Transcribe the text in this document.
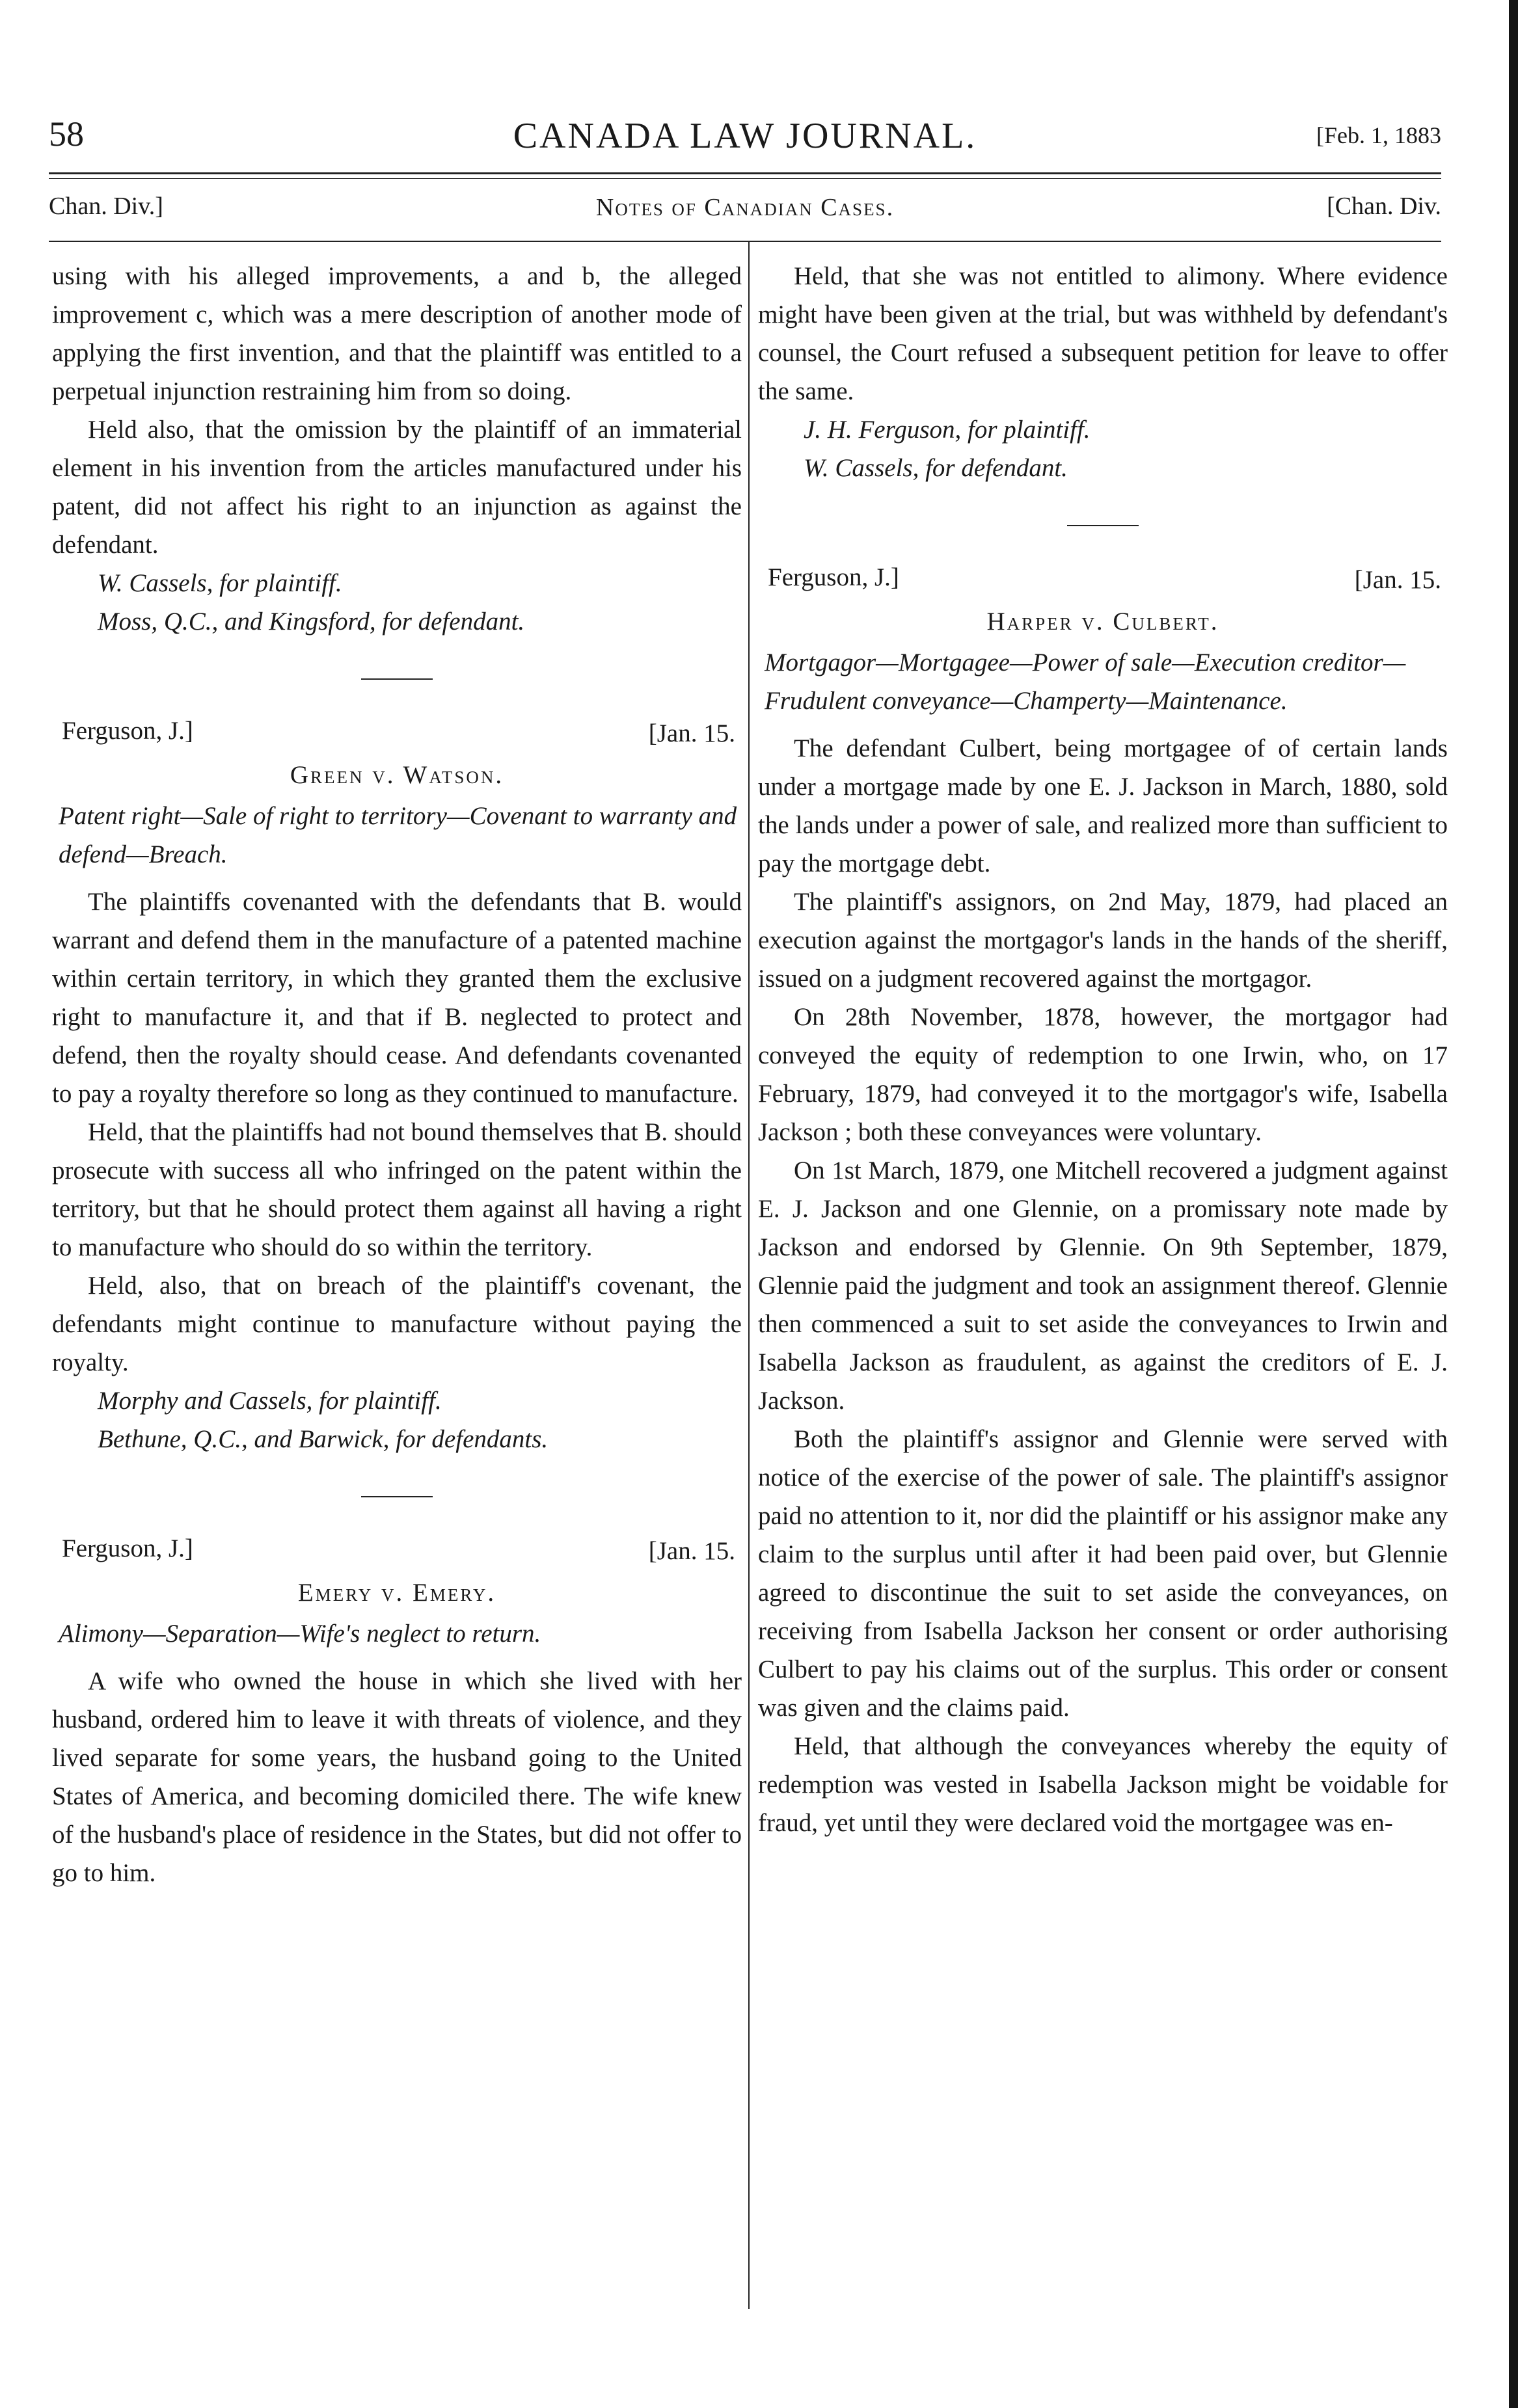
58	CANADA LAW JOURNAL.	[Feb. 1, 1883
Chan. Div.]	Notes of Canadian Cases.	[Chan. Div.

using with his alleged improvements, a and b, the alleged improvement c, which was a mere description of another mode of applying the first invention, and that the plaintiff was entitled to a perpetual injunction restraining him from so doing.

Held also, that the omission by the plaintiff of an immaterial element in his invention from the articles manufactured under his patent, did not affect his right to an injunction as against the defendant.

W. Cassels, for plaintiff.

Moss, Q.C., and Kingsford, for defendant.

Ferguson, J.]	[Jan. 15.
Green v. Watson.

Patent right—Sale of right to territory—Covenant to warranty and defend—Breach.

The plaintiffs covenanted with the defendants that B. would warrant and defend them in the manufacture of a patented machine within certain territory, in which they granted them the exclusive right to manufacture it, and that if B. neglected to protect and defend, then the royalty should cease. And defendants covenanted to pay a royalty therefore so long as they continued to manufacture.

Held, that the plaintiffs had not bound themselves that B. should prosecute with success all who infringed on the patent within the territory, but that he should protect them against all having a right to manufacture who should do so within the territory.

Held, also, that on breach of the plaintiff's covenant, the defendants might continue to manufacture without paying the royalty.

Morphy and Cassels, for plaintiff.

Bethune, Q.C., and Barwick, for defendants.

Ferguson, J.]	[Jan. 15.
Emery v. Emery.

Alimony—Separation—Wife's neglect to return.

A wife who owned the house in which she lived with her husband, ordered him to leave it with threats of violence, and they lived separate for some years, the husband going to the United States of America, and becoming domiciled there. The wife knew of the husband's place of residence in the States, but did not offer to go to him.

Held, that she was not entitled to alimony. Where evidence might have been given at the trial, but was withheld by defendant's counsel, the Court refused a subsequent petition for leave to offer the same.

J. H. Ferguson, for plaintiff.

W. Cassels, for defendant.

Ferguson, J.]	[Jan. 15.
Harper v. Culbert.

Mortgagor—Mortgagee—Power of sale—Execution creditor—Frudulent conveyance—Champerty—Maintenance.

The defendant Culbert, being mortgagee of of certain lands under a mortgage made by one E. J. Jackson in March, 1880, sold the lands under a power of sale, and realized more than sufficient to pay the mortgage debt.

The plaintiff's assignors, on 2nd May, 1879, had placed an execution against the mortgagor's lands in the hands of the sheriff, issued on a judgment recovered against the mortgagor.

On 28th November, 1878, however, the mortgagor had conveyed the equity of redemption to one Irwin, who, on 17 February, 1879, had conveyed it to the mortgagor's wife, Isabella Jackson ; both these conveyances were voluntary.

On 1st March, 1879, one Mitchell recovered a judgment against E. J. Jackson and one Glennie, on a promissary note made by Jackson and endorsed by Glennie. On 9th September, 1879, Glennie paid the judgment and took an assignment thereof. Glennie then commenced a suit to set aside the conveyances to Irwin and Isabella Jackson as fraudulent, as against the creditors of E. J. Jackson.

Both the plaintiff's assignor and Glennie were served with notice of the exercise of the power of sale. The plaintiff's assignor paid no attention to it, nor did the plaintiff or his assignor make any claim to the surplus until after it had been paid over, but Glennie agreed to discontinue the suit to set aside the conveyances, on receiving from Isabella Jackson her consent or order authorising Culbert to pay his claims out of the surplus. This order or consent was given and the claims paid.

Held, that although the conveyances whereby the equity of redemption was vested in Isabella Jackson might be voidable for fraud, yet until they were declared void the mortgagee was en-
